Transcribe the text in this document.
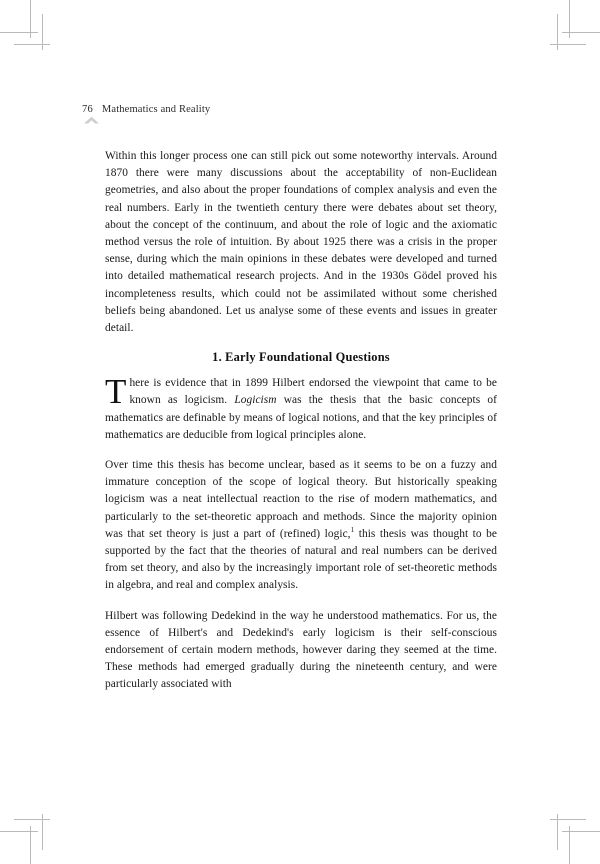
76 Mathematics and Reality

Within this longer process one can still pick out some noteworthy intervals. Around 1870 there were many discussions about the acceptability of non-Euclidean geometries, and also about the proper foundations of complex analysis and even the real numbers. Early in the twentieth century there were debates about set theory, about the concept of the continuum, and about the role of logic and the axiomatic method versus the role of intuition. By about 1925 there was a crisis in the proper sense, during which the main opinions in these debates were developed and turned into detailed mathematical research projects. And in the 1930s Gödel proved his incompleteness results, which could not be assimilated without some cherished beliefs being abandoned. Let us analyse some of these events and issues in greater detail.

1. Early Foundational Questions

There is evidence that in 1899 Hilbert endorsed the viewpoint that came to be known as logicism. Logicism was the thesis that the basic concepts of mathematics are definable by means of logical notions, and that the key principles of mathematics are deducible from logical principles alone.

Over time this thesis has become unclear, based as it seems to be on a fuzzy and immature conception of the scope of logical theory. But historically speaking logicism was a neat intellectual reaction to the rise of modern mathematics, and particularly to the set-theoretic approach and methods. Since the majority opinion was that set theory is just a part of (refined) logic,$^1$ this thesis was thought to be supported by the fact that the theories of natural and real numbers can be derived from set theory, and also by the increasingly important role of set-theoretic methods in algebra, and real and complex analysis.

Hilbert was following Dedekind in the way he understood mathematics. For us, the essence of Hilbert's and Dedekind's early logicism is their self-conscious endorsement of certain modern methods, however daring they seemed at the time. These methods had emerged gradually during the nineteenth century, and were particularly associated with
